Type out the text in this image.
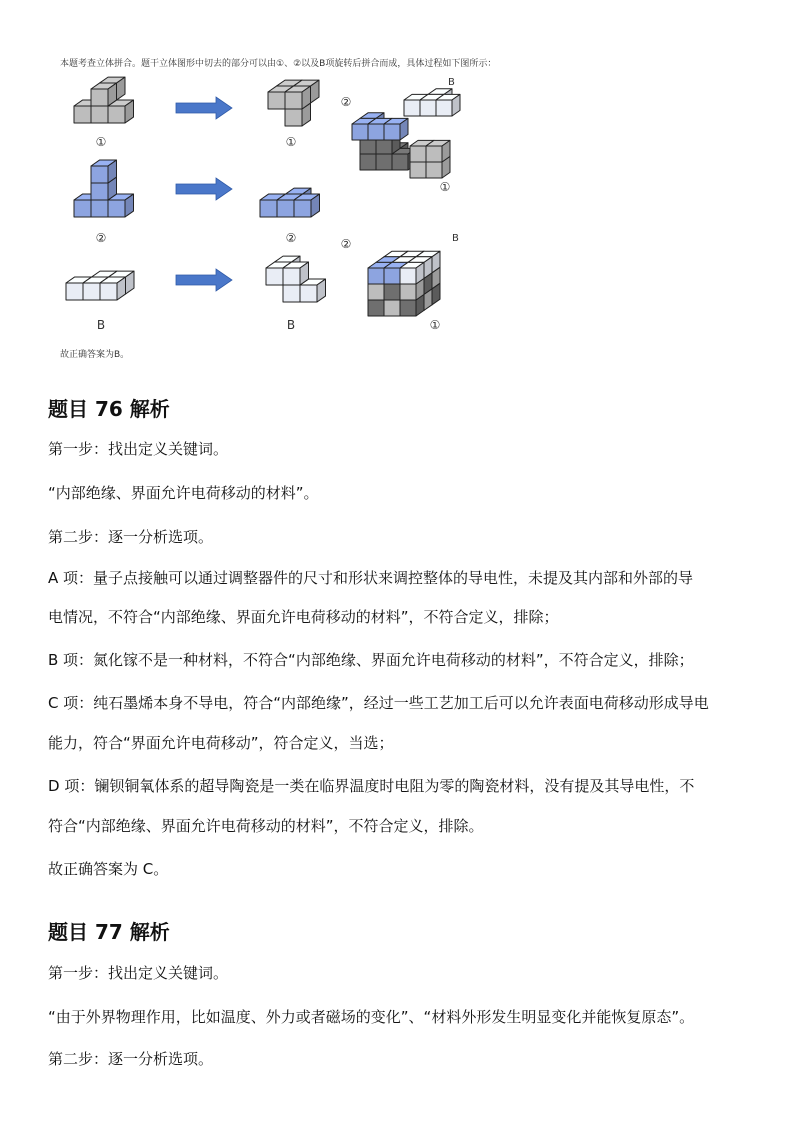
本题考查立体拼合。题干立体图形中切去的部分可以由①、②以及B项旋转后拼合而成，具体过程如下图所示：

①	①
②	②
B	B
②
B
①
②	B
①

故正确答案为B。

题目 76 解析

第一步：找出定义关键词。

“内部绝缘、界面允许电荷移动的材料”。

第二步：逐一分析选项。

A 项：量子点接触可以通过调整器件的尺寸和形状来调控整体的导电性，未提及其内部和外部的导

电情况，不符合“内部绝缘、界面允许电荷移动的材料”，不符合定义，排除；

B 项：氮化镓不是一种材料，不符合“内部绝缘、界面允许电荷移动的材料”，不符合定义，排除；

C 项：纯石墨烯本身不导电，符合“内部绝缘”，经过一些工艺加工后可以允许表面电荷移动形成导电

能力，符合“界面允许电荷移动”，符合定义，当选；

D 项：镧钡铜氧体系的超导陶瓷是一类在临界温度时电阻为零的陶瓷材料，没有提及其导电性，不

符合“内部绝缘、界面允许电荷移动的材料”，不符合定义，排除。

故正确答案为 C。

题目 77 解析

第一步：找出定义关键词。

“由于外界物理作用，比如温度、外力或者磁场的变化”、“材料外形发生明显变化并能恢复原态”。

第二步：逐一分析选项。
